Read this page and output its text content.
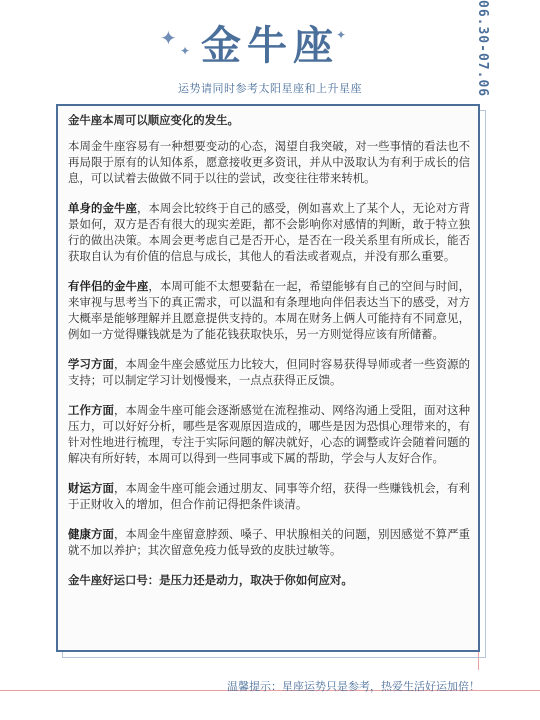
金牛座
✦
✦
✦
运势请同时参考太阳星座和上升星座	06.30-07.06

金牛座本周可以顺应变化的发生。

本周金牛座容易有一种想要变动的心态，渴望自我突破，对一些事情的看法也不再局限于原有的认知体系，愿意接收更多资讯，并从中汲取认为有利于成长的信息，可以试着去做做不同于以往的尝试，改变往往带来转机。

单身的金牛座，本周会比较终于自己的感受，例如喜欢上了某个人，无论对方背景如何，双方是否有很大的现实差距，都不会影响你对感情的判断，敢于特立独行的做出决策。本周会更考虑自己是否开心，是否在一段关系里有所成长，能否获取自认为有价值的信息与成长，其他人的看法或者观点，并没有那么重要。

有伴侣的金牛座，本周可能不太想要黏在一起，希望能够有自己的空间与时间，来审视与思考当下的真正需求，可以温和有条理地向伴侣表达当下的感受，对方大概率是能够理解并且愿意提供支持的。本周在财务上俩人可能持有不同意见，例如一方觉得赚钱就是为了能花钱获取快乐，另一方则觉得应该有所储蓄。

学习方面，本周金牛座会感觉压力比较大，但同时容易获得导师或者一些资源的支持；可以制定学习计划慢慢来，一点点获得正反馈。

工作方面，本周金牛座可能会逐渐感觉在流程推动、网络沟通上受阻，面对这种压力，可以好好分析，哪些是客观原因造成的，哪些是因为恐惧心理带来的，有针对性地进行梳理，专注于实际问题的解决就好，心态的调整或许会随着问题的解决有所好转，本周可以得到一些同事或下属的帮助，学会与人友好合作。

财运方面，本周金牛座可能会通过朋友、同事等介绍，获得一些赚钱机会，有利于正财收入的增加，但合作前记得把条件谈清。

健康方面，本周金牛座留意脖颈、嗓子、甲状腺相关的问题，别因感觉不算严重就不加以养护；其次留意免疫力低导致的皮肤过敏等。

金牛座好运口号：是压力还是动力，取决于你如何应对。

温馨提示：星座运势只是参考，热爱生活好运加倍！
